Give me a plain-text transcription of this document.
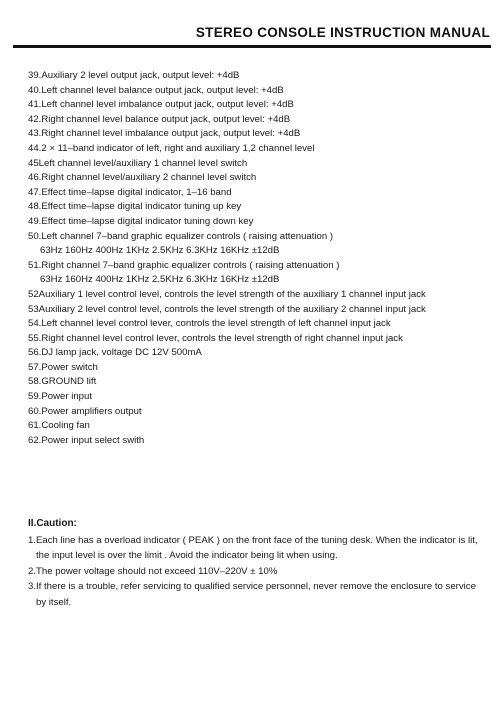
STEREO CONSOLE INSTRUCTION MANUAL
39.Auxiliary 2 level output jack, output level: +4dB
40.Left channel level balance output jack, output level: +4dB
41.Left channel level imbalance output jack, output level: +4dB
42.Right channel level balance output jack, output level: +4dB
43.Right channel level imbalance output jack, output level: +4dB
44.2 × 11–band indicator of left, right and auxiliary 1,2 channel level
45Left channel level/auxiliary 1 channel level switch
46.Right channel level/auxiliary 2 channel level switch
47.Effect time–lapse digital indicator, 1–16 band
48.Effect time–lapse digital indicator tuning up key
49.Effect time–lapse digital indicator tuning down key
50.Left channel 7–band graphic equalizer controls ( raising attenuation )
63Hz 160Hz 400Hz 1KHz 2.5KHz 6.3KHz 16KHz ±12dB
51.Right channel 7–band graphic equalizer controls ( raising attenuation )
63Hz 160Hz 400Hz 1KHz 2.5KHz 6.3KHz 16KHz ±12dB
52Auxiliary 1 level control level, controls the level strength of the auxiliary 1 channel input jack
53Auxiliary 2 level control level, controls the level strength of the auxiliary 2 channel input jack
54.Left channel level control lever, controls the level strength of left channel input jack
55.Right channel level control lever, controls the level strength of right channel input jack
56.DJ lamp jack, voltage DC 12V 500mA
57.Power switch
58.GROUND lift
59.Power input
60.Power amplifiers output
61.Cooling fan
62.Power input select swith
II.Caution:
1.Each line has a overload indicator ( PEAK ) on the front face of the tuning desk. When the indicator is lit, the input level is over the limit . Avoid the indicator being lit when using.
2.The power voltage should not exceed 110V–220V ± 10%
3.If there is a trouble, refer servicing to qualified service personnel, never remove the enclosure to service by itself.
